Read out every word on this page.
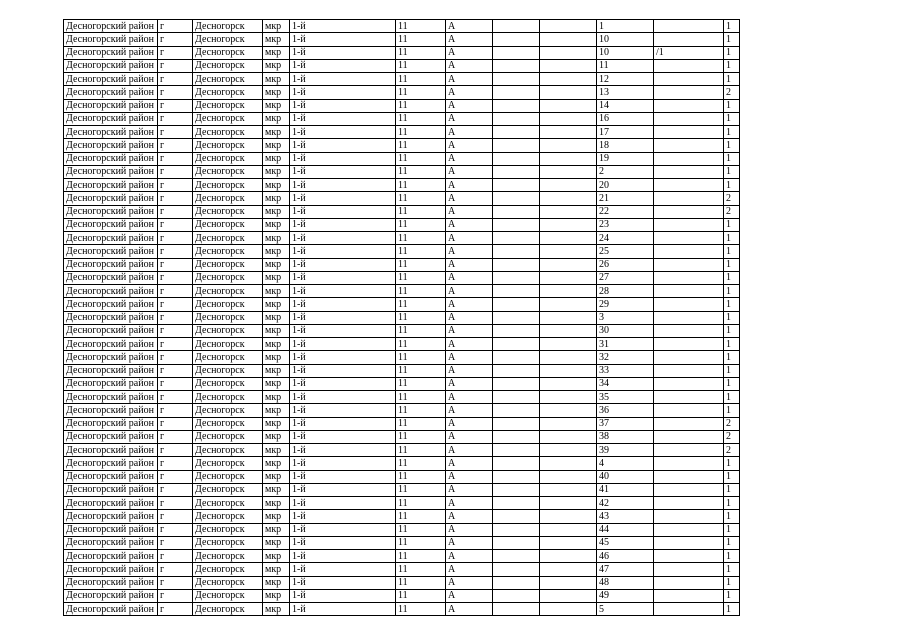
Десногорский район	г	Десногорск	мкр	1-й	11	А			1		1
Десногорский район	г	Десногорск	мкр	1-й	11	А			10		1
Десногорский район	г	Десногорск	мкр	1-й	11	А			10	/1	1
Десногорский район	г	Десногорск	мкр	1-й	11	А			11		1
Десногорский район	г	Десногорск	мкр	1-й	11	А			12		1
Десногорский район	г	Десногорск	мкр	1-й	11	А			13		2
Десногорский район	г	Десногорск	мкр	1-й	11	А			14		1
Десногорский район	г	Десногорск	мкр	1-й	11	А			16		1
Десногорский район	г	Десногорск	мкр	1-й	11	А			17		1
Десногорский район	г	Десногорск	мкр	1-й	11	А			18		1
Десногорский район	г	Десногорск	мкр	1-й	11	А			19		1
Десногорский район	г	Десногорск	мкр	1-й	11	А			2		1
Десногорский район	г	Десногорск	мкр	1-й	11	А			20		1
Десногорский район	г	Десногорск	мкр	1-й	11	А			21		2
Десногорский район	г	Десногорск	мкр	1-й	11	А			22		2
Десногорский район	г	Десногорск	мкр	1-й	11	А			23		1
Десногорский район	г	Десногорск	мкр	1-й	11	А			24		1
Десногорский район	г	Десногорск	мкр	1-й	11	А			25		1
Десногорский район	г	Десногорск	мкр	1-й	11	А			26		1
Десногорский район	г	Десногорск	мкр	1-й	11	А			27		1
Десногорский район	г	Десногорск	мкр	1-й	11	А			28		1
Десногорский район	г	Десногорск	мкр	1-й	11	А			29		1
Десногорский район	г	Десногорск	мкр	1-й	11	А			3		1
Десногорский район	г	Десногорск	мкр	1-й	11	А			30		1
Десногорский район	г	Десногорск	мкр	1-й	11	А			31		1
Десногорский район	г	Десногорск	мкр	1-й	11	А			32		1
Десногорский район	г	Десногорск	мкр	1-й	11	А			33		1
Десногорский район	г	Десногорск	мкр	1-й	11	А			34		1
Десногорский район	г	Десногорск	мкр	1-й	11	А			35		1
Десногорский район	г	Десногорск	мкр	1-й	11	А			36		1
Десногорский район	г	Десногорск	мкр	1-й	11	А			37		2
Десногорский район	г	Десногорск	мкр	1-й	11	А			38		2
Десногорский район	г	Десногорск	мкр	1-й	11	А			39		2
Десногорский район	г	Десногорск	мкр	1-й	11	А			4		1
Десногорский район	г	Десногорск	мкр	1-й	11	А			40		1
Десногорский район	г	Десногорск	мкр	1-й	11	А			41		1
Десногорский район	г	Десногорск	мкр	1-й	11	А			42		1
Десногорский район	г	Десногорск	мкр	1-й	11	А			43		1
Десногорский район	г	Десногорск	мкр	1-й	11	А			44		1
Десногорский район	г	Десногорск	мкр	1-й	11	А			45		1
Десногорский район	г	Десногорск	мкр	1-й	11	А			46		1
Десногорский район	г	Десногорск	мкр	1-й	11	А			47		1
Десногорский район	г	Десногорск	мкр	1-й	11	А			48		1
Десногорский район	г	Десногорск	мкр	1-й	11	А			49		1
Десногорский район	г	Десногорск	мкр	1-й	11	А			5		1
